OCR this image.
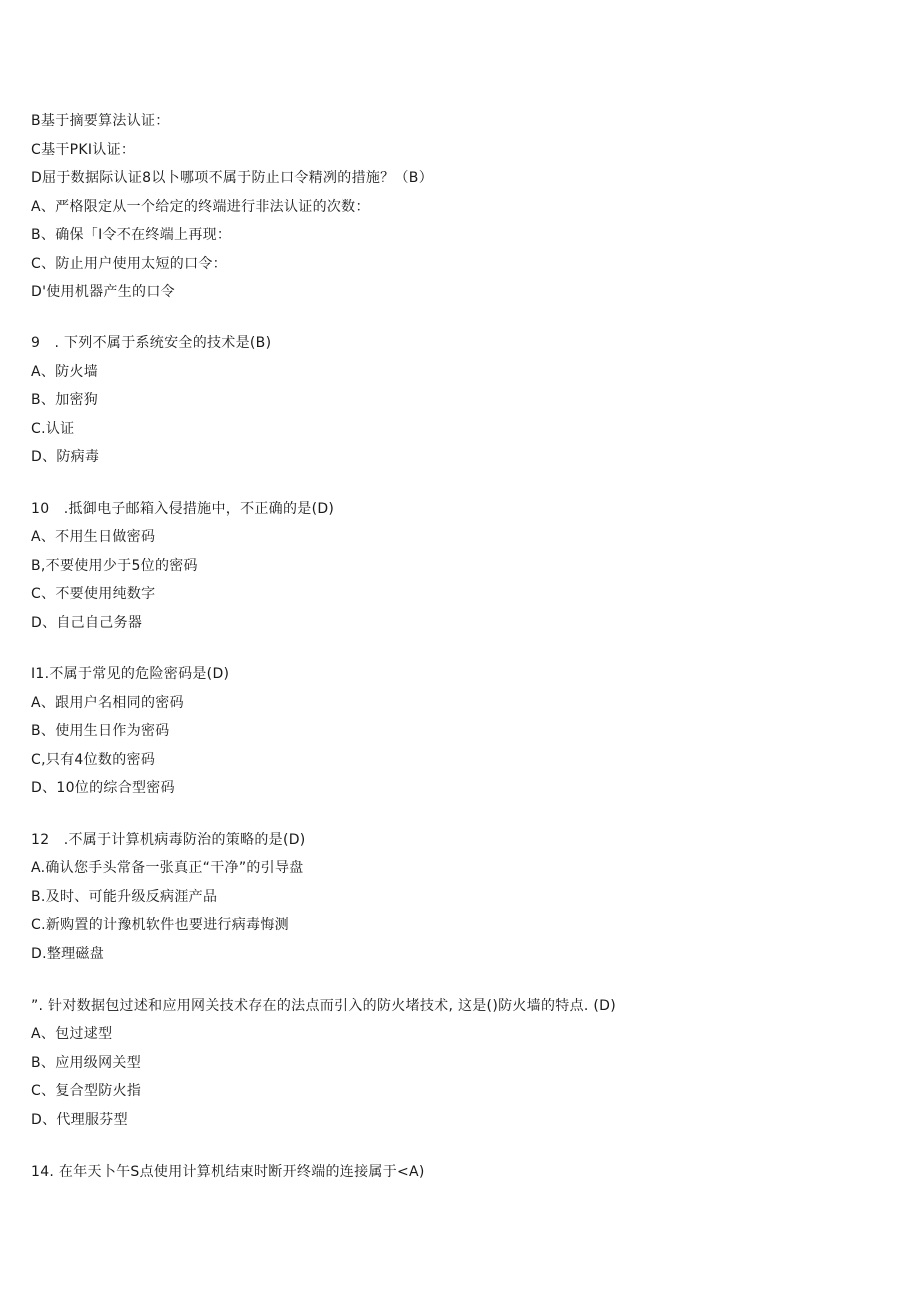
B基于摘要算法认证：
C基干PKI认证：
D屈于数据际认证8以卜哪项不属于防止口令精冽的措施？（B）
A、严格限定从一个给定的终端进行非法认证的次数：
B、确保「I令不在终端上再现：
C、防止用户使用太短的口令：
D'使用机器产生的口令
9　. 下列不属于系统安全的技术是(B)
A、防火墙
B、加密狗
C.认证
D、防病毒
10　.抵御电子邮箱入侵措施中，不正确的是(D)
A、不用生日做密码
B,不要使用少于5位的密码
C、不要使用纯数字
D、自己自己务器
I1.不属于常见的危险密码是(D)
A、跟用户名相同的密码
B、使用生日作为密码
C,只有4位数的密码
D、10位的综合型密码
12　.不属于计算机病毒防治的策略的是(D)
A.确认您手头常备一张真正“干净”的引导盘
B.及时、可能升级反病涯产品
C.新购置的计豫机软件也要进行病毒悔测
D.整理磁盘
”. 针对数据包过述和应用网关技术存在的法点而引入的防火堵技术, 这是()防火墙的特点. (D)
A、包过逑型
B、应用级网关型
C、复合型防火指
D、代理服芬型
14. 在年天卜午S点使用计算机结束时断开终端的连接属于<A)
